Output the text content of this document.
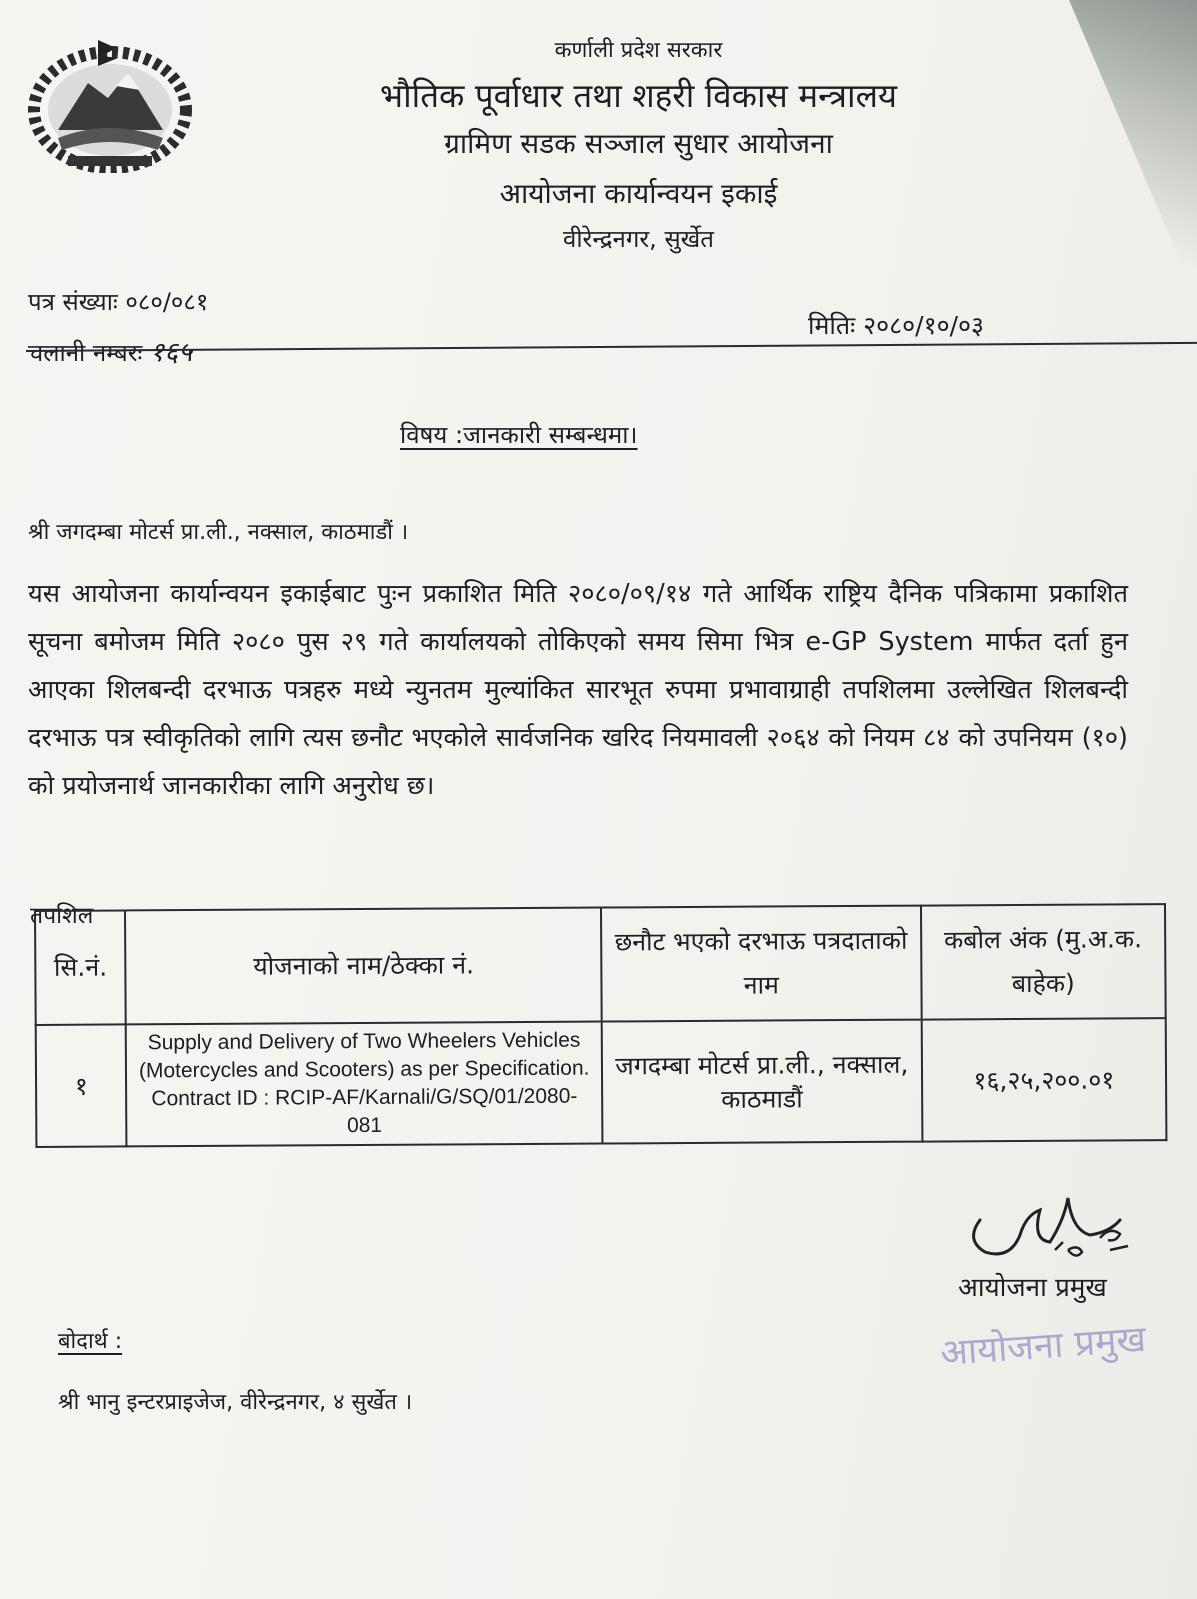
कर्णाली प्रदेश सरकार
भौतिक पूर्वाधार तथा शहरी विकास मन्त्रालय
ग्रामिण सडक सञ्जाल सुधार आयोजना
आयोजना कार्यान्वयन इकाई
वीरेन्द्रनगर, सुर्खेत
पत्र संख्याः ०८०/०८१
चलानी नम्बरः १६५
मितिः २०८०/१०/०३
विषय :जानकारी सम्बन्धमा।
श्री जगदम्बा मोटर्स प्रा.ली., नक्साल, काठमाडौं ।
यस आयोजना कार्यान्वयन इकाईबाट पुःन प्रकाशित मिति २०८०/०९/१४ गते आर्थिक राष्ट्रिय दैनिक पत्रिकामा प्रकाशित सूचना बमोजम मिति २०८० पुस २९ गते कार्यालयको तोकिएको समय सिमा भित्र e-GP System मार्फत दर्ता हुन आएका शिलबन्दी दरभाऊ पत्रहरु मध्ये न्युनतम मुल्यांकित सारभूत रुपमा प्रभावाग्राही तपशिलमा उल्लेखित शिलबन्दी दरभाऊ पत्र स्वीकृतिको लागि त्यस छनौट भएकोले सार्वजनिक खरिद नियमावली २०६४ को नियम ८४ को उपनियम (१०) को प्रयोजनार्थ जानकारीका लागि अनुरोध छ।
तपशिल
सि.नं.	योजनाको नाम/ठेक्का नं.	छनौट भएको दरभाऊ पत्रदाताको नाम	कबोल अंक (मु.अ.क. बाहेक)
१	Supply and Delivery of Two Wheelers Vehicles (Motercycles and Scooters) as per Specification. Contract ID : RCIP-AF/Karnali/G/SQ/01/2080-081	जगदम्बा मोटर्स प्रा.ली., नक्साल, काठमाडौं	१६,२५,२००.०१
आयोजना प्रमुख
आयोजना प्रमुख
बोदार्थ :
श्री भानु इन्टरप्राइजेज, वीरेन्द्रनगर, ४ सुर्खेत ।
